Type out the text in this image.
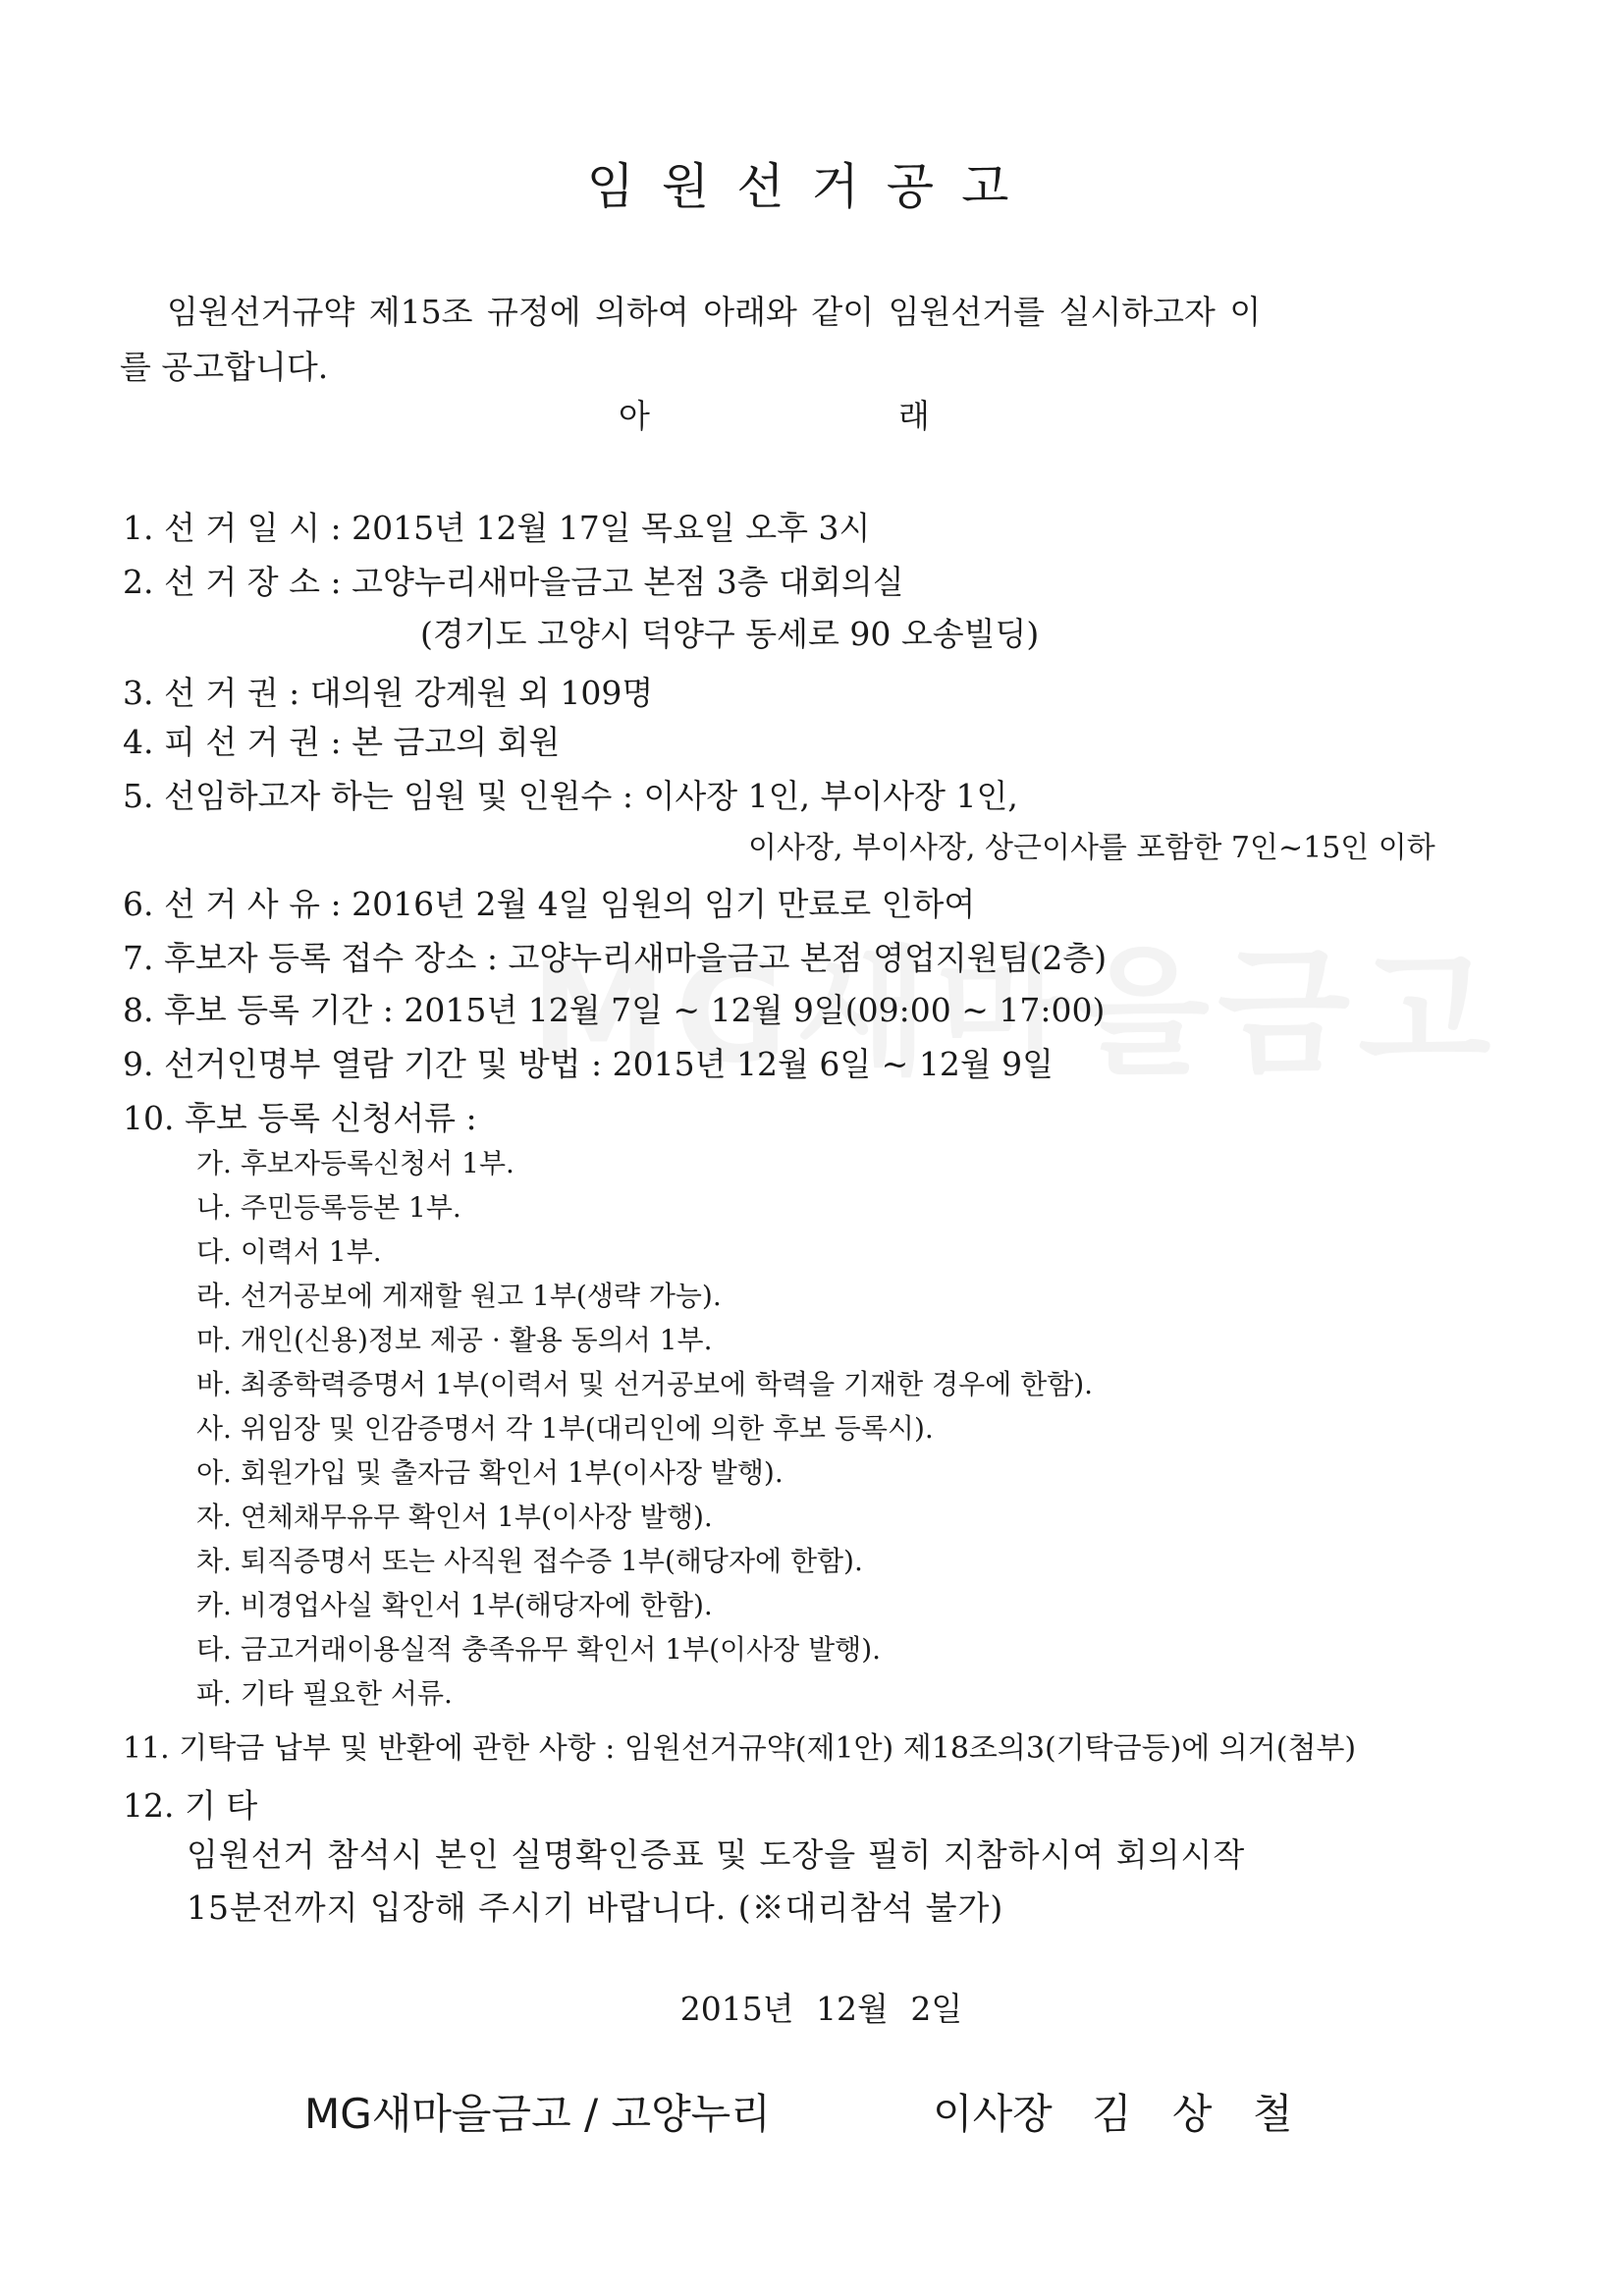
임원선거공고
임원선거규약 제15조 규정에 의하여 아래와 같이 임원선거를 실시하고자 이
를 공고합니다.
아	래
1. 선 거 일 시 : 2015년 12월 17일 목요일 오후 3시
2. 선 거 장 소 : 고양누리새마을금고 본점 3층 대회의실
(경기도 고양시 덕양구 동세로 90 오송빌딩)
3. 선 거 권 : 대의원 강계원 외 109명
4. 피 선 거 권 : 본 금고의 회원
5. 선임하고자 하는 임원 및 인원수 : 이사장 1인, 부이사장 1인,
이사장, 부이사장, 상근이사를 포함한 7인~15인 이하
6. 선 거 사 유 : 2016년 2월 4일 임원의 임기 만료로 인하여
7. 후보자 등록 접수 장소 : 고양누리새마을금고 본점 영업지원팀(2층)
8. 후보 등록 기간 : 2015년 12월 7일 ~ 12월 9일(09:00 ~ 17:00)
9. 선거인명부 열람 기간 및 방법 : 2015년 12월 6일 ~ 12월 9일
10. 후보 등록 신청서류 :
가. 후보자등록신청서 1부.
나. 주민등록등본 1부.
다. 이력서 1부.
라. 선거공보에 게재할 원고 1부(생략 가능).
마. 개인(신용)정보 제공 · 활용 동의서 1부.
바. 최종학력증명서 1부(이력서 및 선거공보에 학력을 기재한 경우에 한함).
사. 위임장 및 인감증명서 각 1부(대리인에 의한 후보 등록시).
아. 회원가입 및 출자금 확인서 1부(이사장 발행).
자. 연체채무유무 확인서 1부(이사장 발행).
차. 퇴직증명서 또는 사직원 접수증 1부(해당자에 한함).
카. 비경업사실 확인서 1부(해당자에 한함).
타. 금고거래이용실적 충족유무 확인서 1부(이사장 발행).
파. 기타 필요한 서류.
11. 기탁금 납부 및 반환에 관한 사항 : 임원선거규약(제1안) 제18조의3(기탁금등)에 의거(첨부)
12. 기 타
임원선거 참석시 본인 실명확인증표 및 도장을 필히 지참하시여 회의시작
15분전까지 입장해 주시기 바랍니다. (※대리참석 불가)
2015년 12월 2일
MG새마을금고 / 고양누리	이사장 김 상 철
